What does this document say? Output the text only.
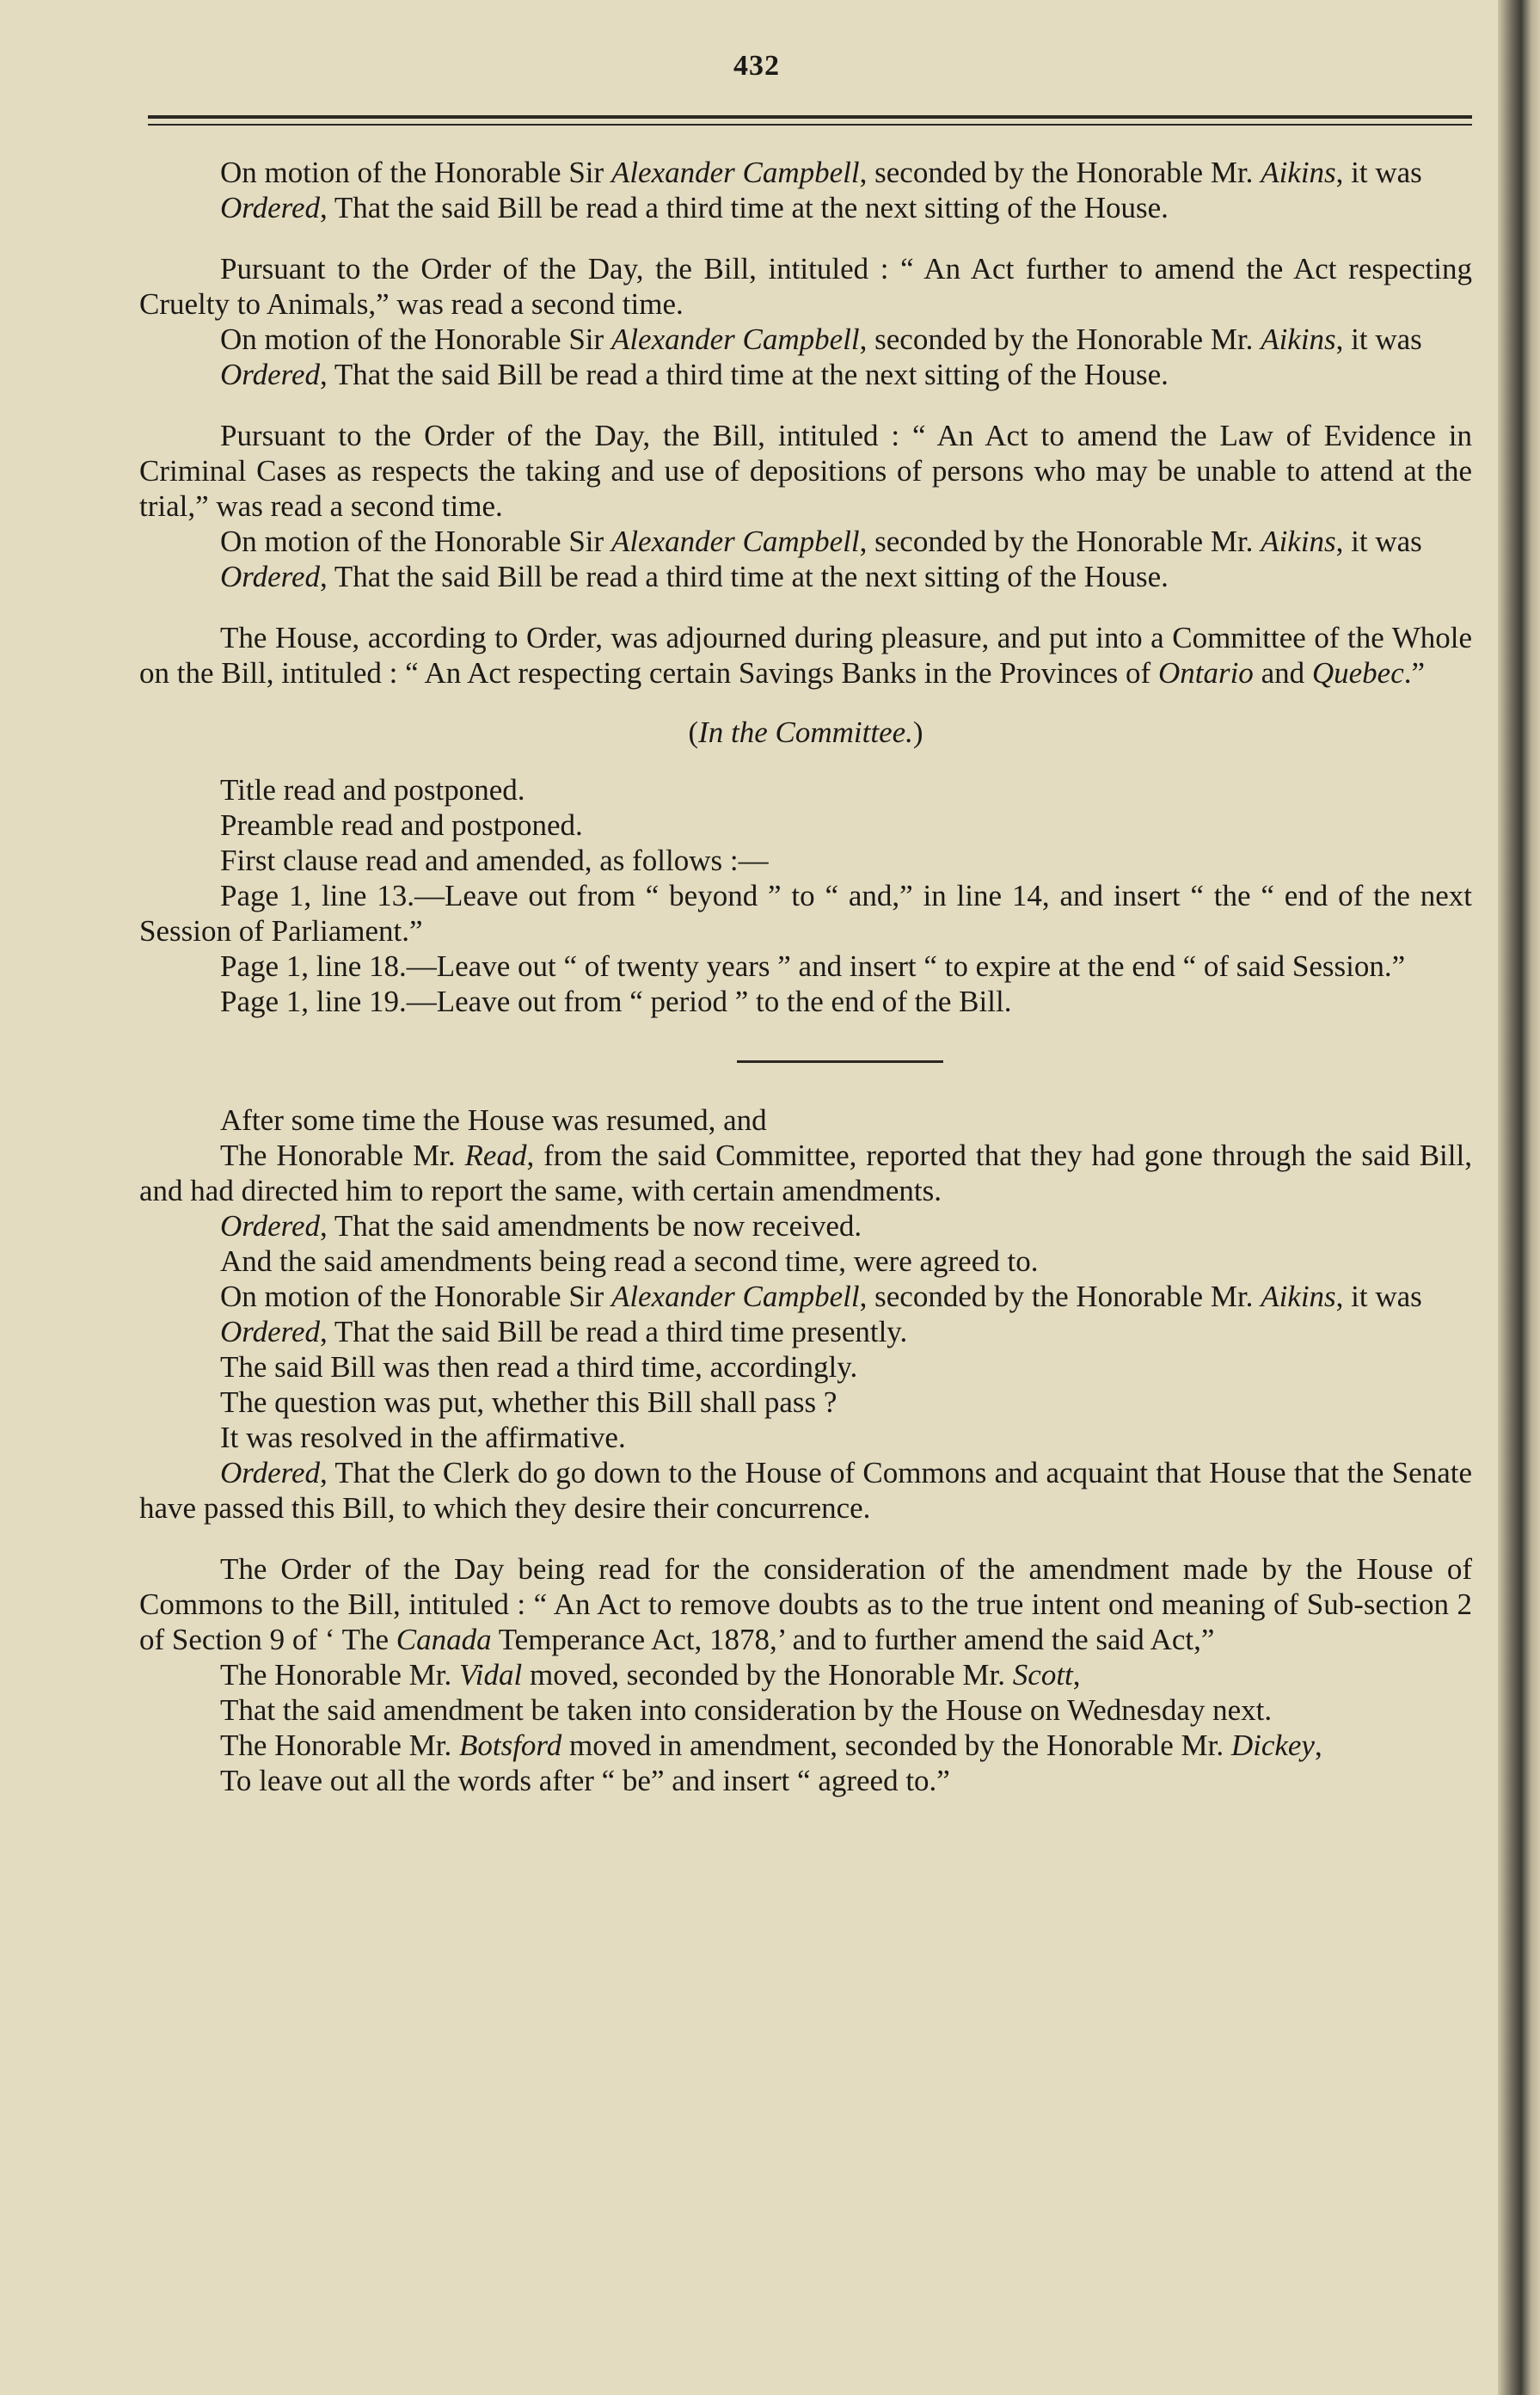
432

On motion of the Honorable Sir Alexander Campbell, seconded by the Honorable Mr. Aikins, it was

Ordered, That the said Bill be read a third time at the next sitting of the House.

Pursuant to the Order of the Day, the Bill, intituled : “ An Act further to amend the Act respecting Cruelty to Animals,” was read a second time.

On motion of the Honorable Sir Alexander Campbell, seconded by the Honorable Mr. Aikins, it was

Ordered, That the said Bill be read a third time at the next sitting of the House.

Pursuant to the Order of the Day, the Bill, intituled : “ An Act to amend the Law of Evidence in Criminal Cases as respects the taking and use of depositions of persons who may be unable to attend at the trial,” was read a second time.

On motion of the Honorable Sir Alexander Campbell, seconded by the Honorable Mr. Aikins, it was

Ordered, That the said Bill be read a third time at the next sitting of the House.

The House, according to Order, was adjourned during pleasure, and put into a Committee of the Whole on the Bill, intituled : “ An Act respecting certain Savings Banks in the Provinces of Ontario and Quebec.”

(In the Committee.)

Title read and postponed.

Preamble read and postponed.

First clause read and amended, as follows :—

Page 1, line 13.—Leave out from “ beyond ” to “ and,” in line 14, and insert “ the “ end of the next Session of Parliament.”

Page 1, line 18.—Leave out “ of twenty years ” and insert “ to expire at the end “ of said Session.”

Page 1, line 19.—Leave out from “ period ” to the end of the Bill.

After some time the House was resumed, and

The Honorable Mr. Read, from the said Committee, reported that they had gone through the said Bill, and had directed him to report the same, with certain amendments.

Ordered, That the said amendments be now received.

And the said amendments being read a second time, were agreed to.

On motion of the Honorable Sir Alexander Campbell, seconded by the Honorable Mr. Aikins, it was

Ordered, That the said Bill be read a third time presently.

The said Bill was then read a third time, accordingly.

The question was put, whether this Bill shall pass ?

It was resolved in the affirmative.

Ordered, That the Clerk do go down to the House of Commons and acquaint that House that the Senate have passed this Bill, to which they desire their concurrence.

The Order of the Day being read for the consideration of the amendment made by the House of Commons to the Bill, intituled : “ An Act to remove doubts as to the true intent ond meaning of Sub-section 2 of Section 9 of ‘ The Canada Temperance Act, 1878,’ and to further amend the said Act,”

The Honorable Mr. Vidal moved, seconded by the Honorable Mr. Scott,

That the said amendment be taken into consideration by the House on Wednesday next.

The Honorable Mr. Botsford moved in amendment, seconded by the Honorable Mr. Dickey,

To leave out all the words after “ be” and insert “ agreed to.”
